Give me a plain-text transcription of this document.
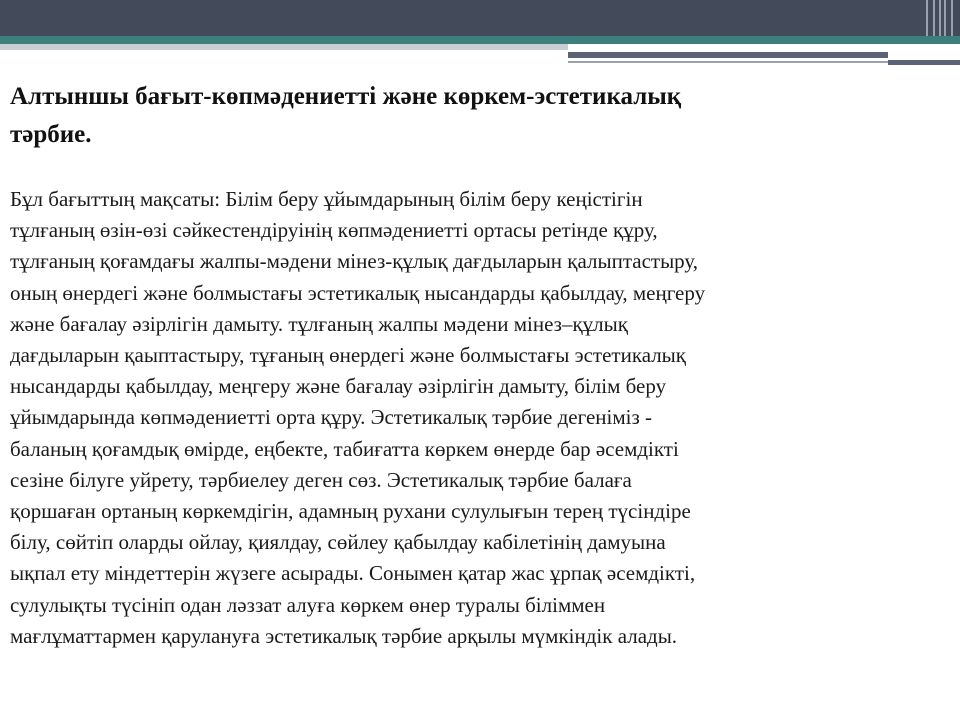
Алтыншы бағыт-көпмәдениетті және көркем-эстетикалық
тәрбие.

Бұл бағыттың мақсаты: Білім беру ұйымдарының білім беру кеңістігін
тұлғаның өзін-өзі сәйкестендіруінің көпмәдениетті ортасы ретінде құру,
тұлғаның қоғамдағы жалпы-мәдени мінез-құлық дағдыларын қалыптастыру,
оның өнердегі және болмыстағы эстетикалық нысандарды қабылдау, меңгеру
және бағалау әзірлігін дамыту. тұлғаның жалпы мәдени мінез–құлық
дағдыларын қаыптастыру, тұғаның өнердегі және болмыстағы эстетикалық
нысандарды қабылдау, меңгеру және бағалау әзірлігін дамыту, білім беру
ұйымдарында көпмәдениетті орта құру. Эстетикалық тәрбие дегеніміз -
баланың қоғамдық өмірде, еңбекте, табиғатта көркем өнерде бар әсемдікті
сезіне білуге уйрету, тәрбиелеу деген сөз. Эстетикалық тәрбие балаға
қоршаған ортаның көркемдігін, адамның рухани сулулығын терең түсіндіре
білу, сөйтіп оларды ойлау, қиялдау, сөйлеу қабылдау кабілетінің дамуына
ықпал ету міндеттерін жүзеге асырады. Сонымен қатар жас ұрпақ әсемдікті,
сулулықты түсініп одан ләззат алуға көркем өнер туралы біліммен
мағлұматтармен қарулануға эстетикалық тәрбие арқылы мүмкіндік алады.
